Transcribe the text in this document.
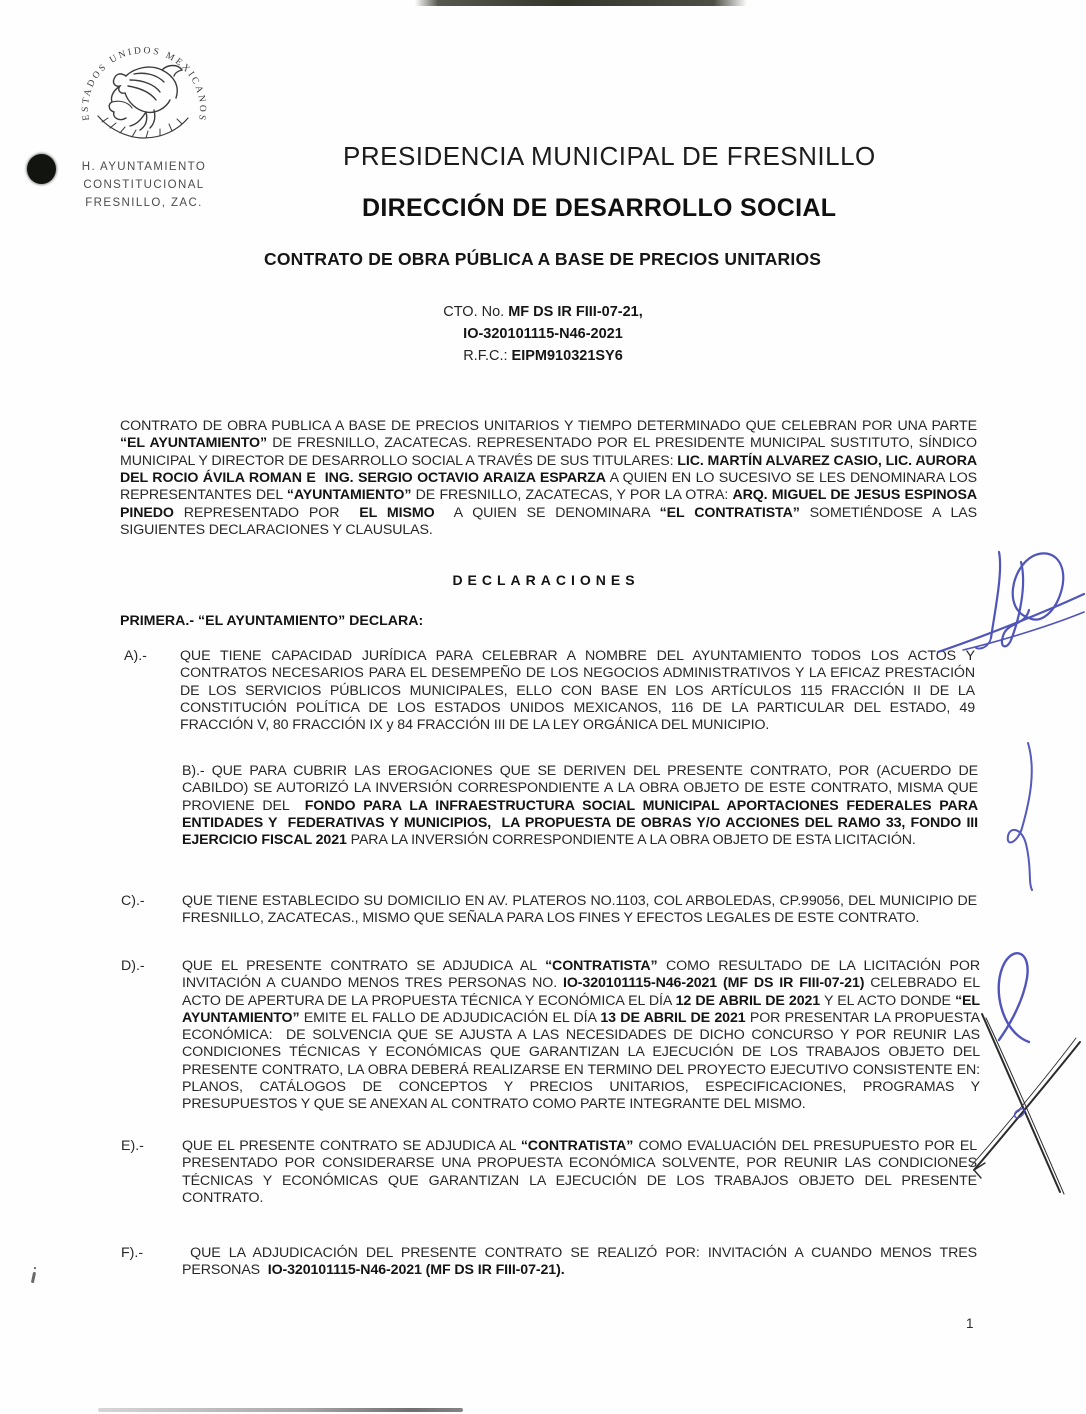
ESTADOS UNIDOS MEXICANOS
H. AYUNTAMIENTO
CONSTITUCIONAL
FRESNILLO, ZAC.
PRESIDENCIA MUNICIPAL DE FRESNILLO
DIRECCIÓN DE DESARROLLO SOCIAL
CONTRATO DE OBRA PÚBLICA A BASE DE PRECIOS UNITARIOS
CTO. No. MF DS IR FIII-07-21,
IO-320101115-N46-2021
R.F.C.: EIPM910321SY6

CONTRATO DE OBRA PUBLICA A BASE DE PRECIOS UNITARIOS Y TIEMPO DETERMINADO QUE CELEBRAN POR UNA PARTE “EL AYUNTAMIENTO” DE FRESNILLO, ZACATECAS. REPRESENTADO POR EL PRESIDENTE MUNICIPAL SUSTITUTO, SÍNDICO MUNICIPAL Y DIRECTOR DE DESARROLLO SOCIAL A TRAVÉS DE SUS TITULARES: LIC. MARTÍN ALVAREZ CASIO, LIC. AURORA DEL ROCIO ÁVILA ROMAN E  ING. SERGIO OCTAVIO ARAIZA ESPARZA A QUIEN EN LO SUCESIVO SE LES DENOMINARA LOS REPRESENTANTES DEL “AYUNTAMIENTO” DE FRESNILLO, ZACATECAS, Y POR LA OTRA: ARQ. MIGUEL DE JESUS ESPINOSA PINEDO REPRESENTADO POR  EL MISMO  A QUIEN SE DENOMINARA “EL CONTRATISTA” SOMETIÉNDOSE A LAS  SIGUIENTES DECLARACIONES Y CLAUSULAS.

DECLARACIONES
PRIMERA.- “EL AYUNTAMIENTO” DECLARA:
A).-	QUE TIENE CAPACIDAD JURÍDICA PARA CELEBRAR A NOMBRE DEL AYUNTAMIENTO TODOS LOS ACTOS Y CONTRATOS NECESARIOS PARA EL DESEMPEÑO DE LOS NEGOCIOS ADMINISTRATIVOS Y LA EFICAZ PRESTACIÓN DE LOS SERVICIOS PÚBLICOS MUNICIPALES, ELLO CON BASE EN LOS ARTÍCULOS 115 FRACCIÓN II DE LA CONSTITUCIÓN POLÍTICA DE LOS ESTADOS UNIDOS MEXICANOS, 116 DE LA PARTICULAR DEL ESTADO, 49 FRACCIÓN V, 80 FRACCIÓN IX y 84 FRACCIÓN III DE LA LEY ORGÁNICA DEL MUNICIPIO.
B).- QUE PARA CUBRIR LAS EROGACIONES QUE SE DERIVEN DEL PRESENTE CONTRATO, POR (ACUERDO DE CABILDO) SE AUTORIZÓ LA INVERSIÓN CORRESPONDIENTE A LA OBRA OBJETO DE ESTE CONTRATO, MISMA QUE PROVIENE DEL  FONDO PARA LA INFRAESTRUCTURA SOCIAL MUNICIPAL APORTACIONES FEDERALES PARA ENTIDADES Y  FEDERATIVAS Y MUNICIPIOS,  LA PROPUESTA DE OBRAS Y/O ACCIONES DEL RAMO 33, FONDO III EJERCICIO FISCAL 2021 PARA LA INVERSIÓN CORRESPONDIENTE A LA OBRA OBJETO DE ESTA LICITACIÓN.
C).-	QUE TIENE ESTABLECIDO SU DOMICILIO EN AV. PLATEROS NO.1103, COL ARBOLEDAS, CP.99056, DEL MUNICIPIO DE FRESNILLO, ZACATECAS., MISMO QUE SEÑALA PARA LOS FINES Y EFECTOS LEGALES DE ESTE CONTRATO.
D).-	QUE EL PRESENTE CONTRATO SE ADJUDICA AL “CONTRATISTA” COMO RESULTADO DE LA LICITACIÓN POR INVITACIÓN A CUANDO MENOS TRES PERSONAS NO. IO-320101115-N46-2021 (MF DS IR FIII-07-21) CELEBRADO EL ACTO DE APERTURA DE LA PROPUESTA TÉCNICA Y ECONÓMICA EL DÍA 12 DE ABRIL DE 2021 Y EL ACTO DONDE “EL AYUNTAMIENTO” EMITE EL FALLO DE ADJUDICACIÓN EL DÍA 13 DE ABRIL DE 2021 POR PRESENTAR LA PROPUESTA ECONÓMICA:  DE SOLVENCIA QUE SE AJUSTA A LAS NECESIDADES DE DICHO CONCURSO Y POR REUNIR LAS CONDICIONES TÉCNICAS Y ECONÓMICAS QUE GARANTIZAN LA EJECUCIÓN DE LOS TRABAJOS OBJETO DEL PRESENTE CONTRATO, LA OBRA DEBERÁ REALIZARSE EN TERMINO DEL PROYECTO EJECUTIVO CONSISTENTE EN: PLANOS, CATÁLOGOS DE CONCEPTOS Y PRECIOS UNITARIOS, ESPECIFICACIONES, PROGRAMAS Y PRESUPUESTOS Y QUE SE ANEXAN AL CONTRATO COMO PARTE INTEGRANTE DEL MISMO.
E).-	QUE EL PRESENTE CONTRATO SE ADJUDICA AL “CONTRATISTA” COMO EVALUACIÓN DEL PRESUPUESTO POR EL PRESENTADO POR CONSIDERARSE UNA PROPUESTA ECONÓMICA SOLVENTE, POR REUNIR LAS CONDICIONES TÉCNICAS Y ECONÓMICAS QUE GARANTIZAN LA EJECUCIÓN DE LOS TRABAJOS OBJETO DEL PRESENTE CONTRATO.
F).-	QUE LA ADJUDICACIÓN DEL PRESENTE CONTRATO SE REALIZÓ POR: INVITACIÓN A CUANDO MENOS TRES PERSONAS  IO-320101115-N46-2021 (MF DS IR FIII-07-21).
1
